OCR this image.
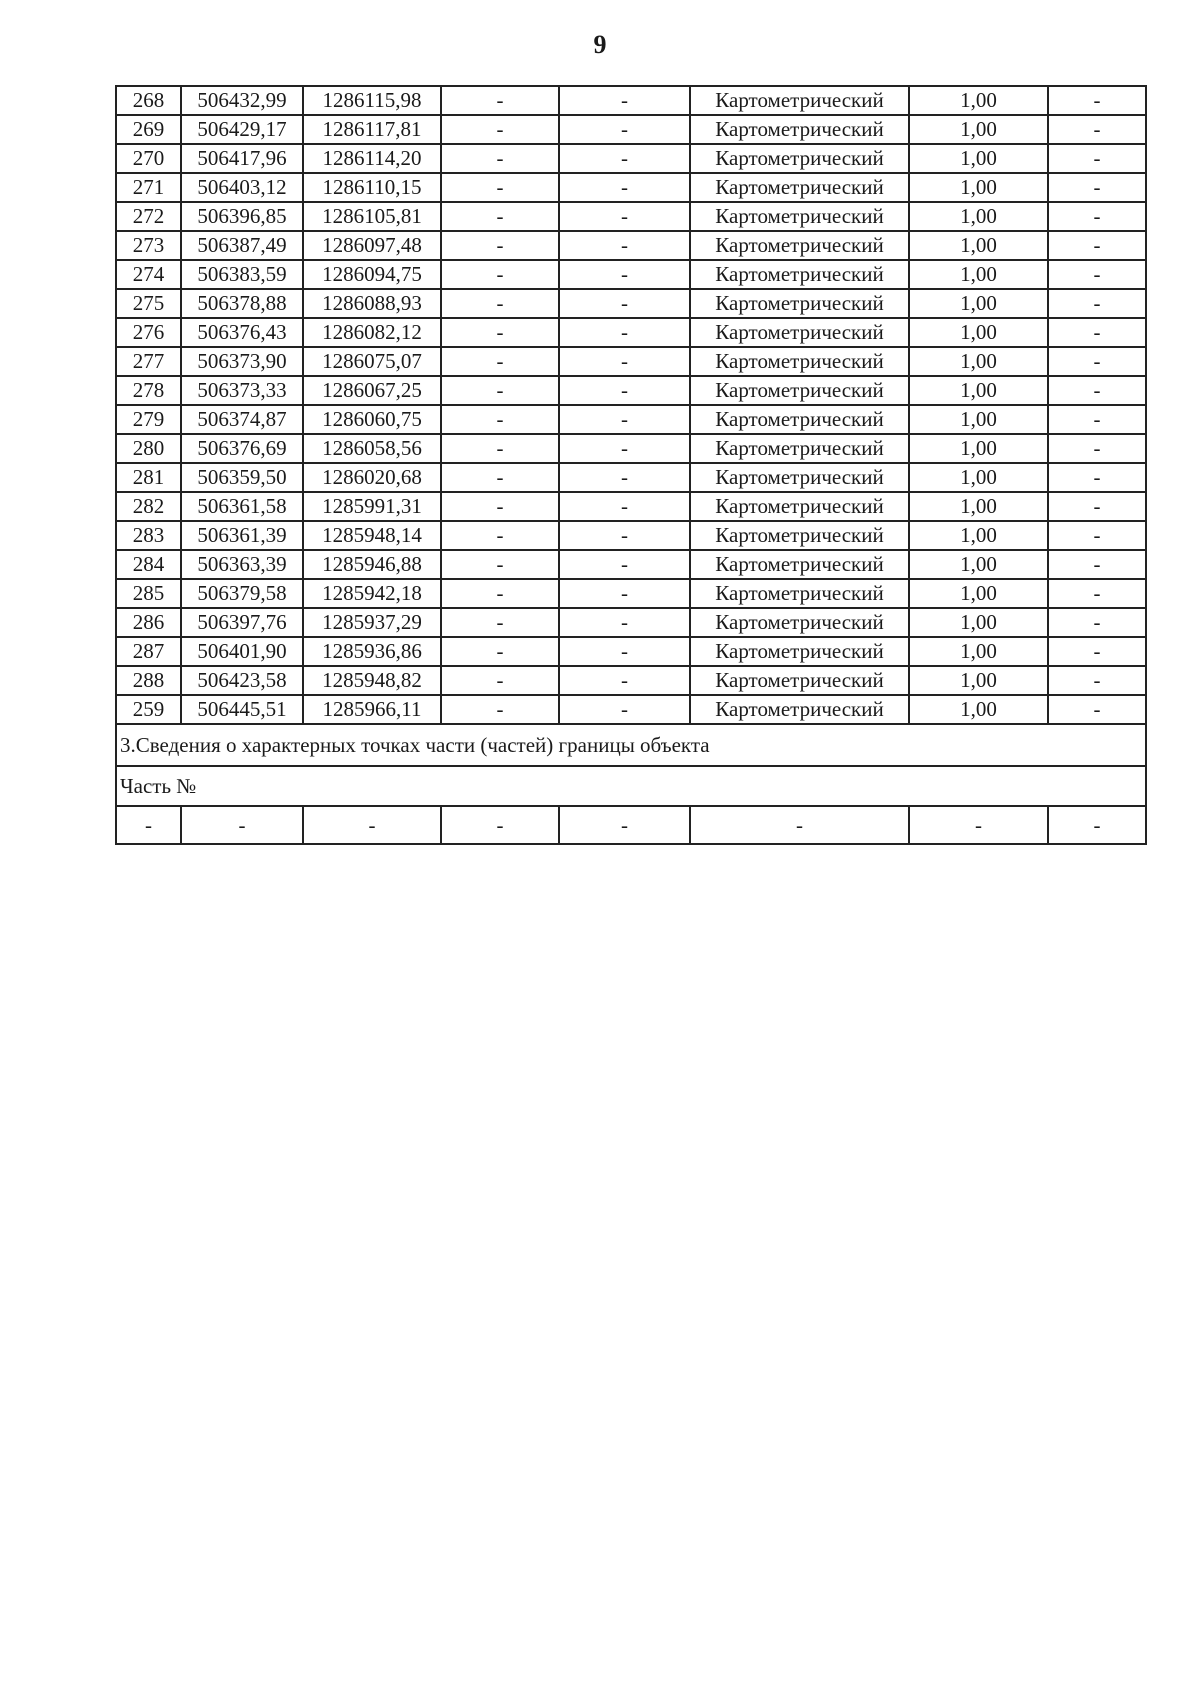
9
268	506432,99	1286115,98	-	-	Картометрический	1,00	-
269	506429,17	1286117,81	-	-	Картометрический	1,00	-
270	506417,96	1286114,20	-	-	Картометрический	1,00	-
271	506403,12	1286110,15	-	-	Картометрический	1,00	-
272	506396,85	1286105,81	-	-	Картометрический	1,00	-
273	506387,49	1286097,48	-	-	Картометрический	1,00	-
274	506383,59	1286094,75	-	-	Картометрический	1,00	-
275	506378,88	1286088,93	-	-	Картометрический	1,00	-
276	506376,43	1286082,12	-	-	Картометрический	1,00	-
277	506373,90	1286075,07	-	-	Картометрический	1,00	-
278	506373,33	1286067,25	-	-	Картометрический	1,00	-
279	506374,87	1286060,75	-	-	Картометрический	1,00	-
280	506376,69	1286058,56	-	-	Картометрический	1,00	-
281	506359,50	1286020,68	-	-	Картометрический	1,00	-
282	506361,58	1285991,31	-	-	Картометрический	1,00	-
283	506361,39	1285948,14	-	-	Картометрический	1,00	-
284	506363,39	1285946,88	-	-	Картометрический	1,00	-
285	506379,58	1285942,18	-	-	Картометрический	1,00	-
286	506397,76	1285937,29	-	-	Картометрический	1,00	-
287	506401,90	1285936,86	-	-	Картометрический	1,00	-
288	506423,58	1285948,82	-	-	Картометрический	1,00	-
259	506445,51	1285966,11	-	-	Картометрический	1,00	-
3.Сведения о характерных точках части (частей) границы объекта							
Часть №							
-	-	-	-	-	-	-	-
